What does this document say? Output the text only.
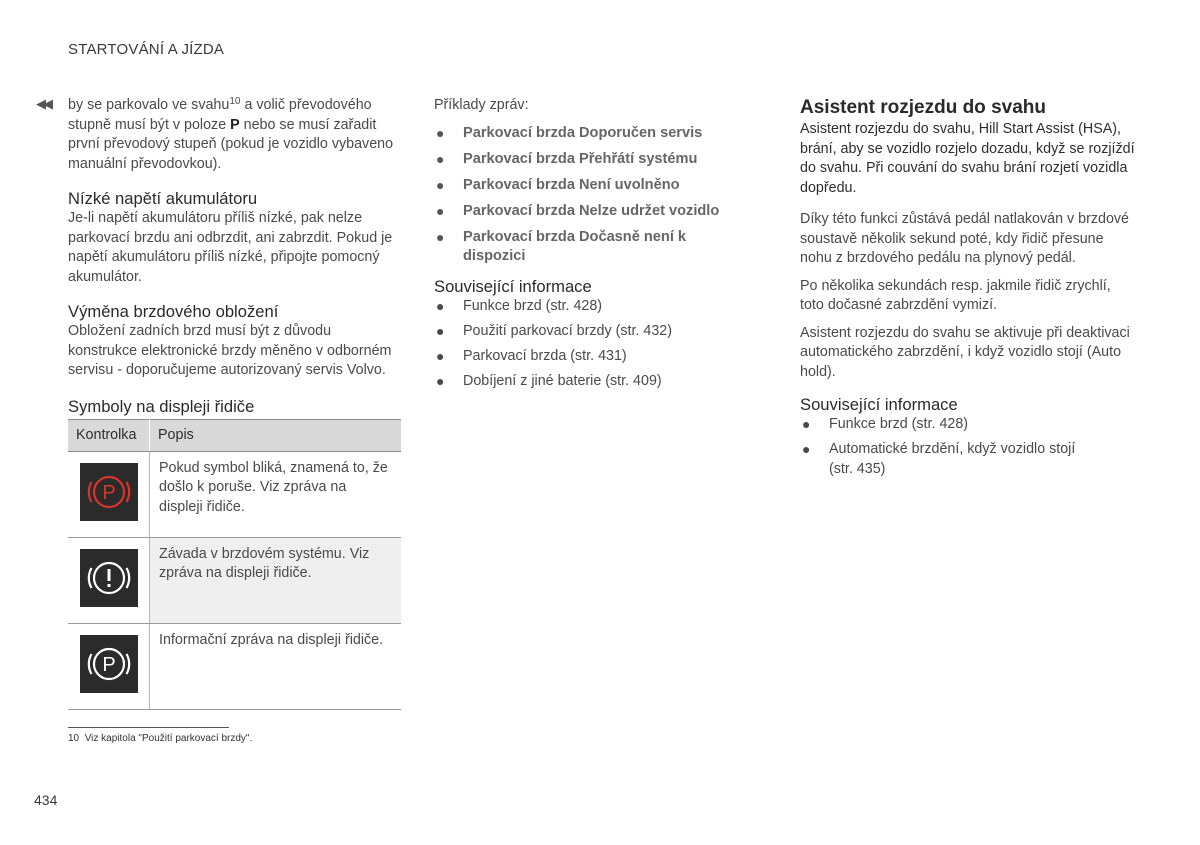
STARTOVÁNÍ A JÍZDA
◀◀ by se parkovalo ve svahu$^{10}$ a volič převodového stupně musí být v poloze P nebo se musí zařadit první převodový stupeň (pokud je vozidlo vybaveno manuální převodovkou).

Nízké napětí akumulátoru

Je-li napětí akumulátoru příliš nízké, pak nelze parkovací brzdu ani odbrzdit, ani zabrzdit. Pokud je napětí akumulátoru příliš nízké, připojte pomocný akumulátor.

Výměna brzdového obložení

Obložení zadních brzd musí být z důvodu konstrukce elektronické brzdy měněno v odborném servisu - doporučujeme autorizovaný servis Volvo.

Symboly na displeji řidiče
Kontrolka	Popis

P	Pokud symbol bliká, znamená to, že došlo k poruše. Viz zpráva na displeji řidiče.

	Závada v brzdovém systému. Viz zpráva na displeji řidiče.

P	Informační zpráva na displeji řidiče.

Příklady zpráv:

● Parkovací brzda Doporučen servis
● Parkovací brzda Přehřátí systému
● Parkovací brzda Není uvolněno
● Parkovací brzda Nelze udržet vozidlo
● Parkovací brzda Dočasně není k dispozici
Související informace
● Funkce brzd (str. 428)
● Použití parkovací brzdy (str. 432)
● Parkovací brzda (str. 431)
● Dobíjení z jiné baterie (str. 409)
Asistent rozjezdu do svahu

Asistent rozjezdu do svahu, Hill Start Assist (HSA), brání, aby se vozidlo rozjelo dozadu, když se rozjíždí do svahu. Při couvání do svahu brání rozjetí vozidla dopředu.

Díky této funkci zůstává pedál natlakován v brzdové soustavě několik sekund poté, kdy řidič přesune nohu z brzdového pedálu na plynový pedál.

Po několika sekundách resp. jakmile řidič zrychlí, toto dočasné zabrzdění vymizí.

Asistent rozjezdu do svahu se aktivuje při deaktivaci automatického zabrzdění, i když vozidlo stojí (Auto hold).

Související informace
● Funkce brzd (str. 428)
● Automatické brzdění, když vozidlo stojí (str. 435)
10 Viz kapitola "Použití parkovací brzdy".
434
